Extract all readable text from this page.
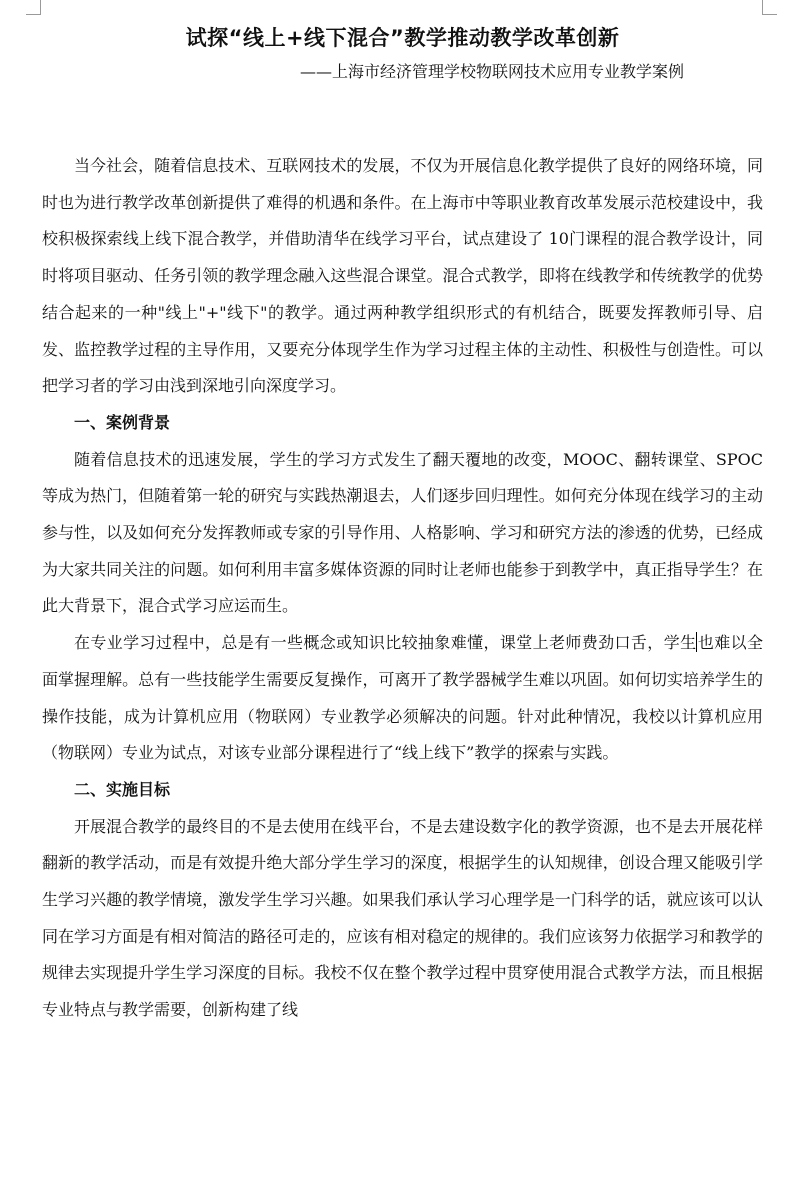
试探“线上+线下混合”教学推动教学改革创新
——上海市经济管理学校物联网技术应用专业教学案例

当今社会，随着信息技术、互联网技术的发展，不仅为开展信息化教学提供了良好的网络环境，同时也为进行教学改革创新提供了难得的机遇和条件。在上海市中等职业教育改革发展示范校建设中，我校积极探索线上线下混合教学，并借助清华在线学习平台，试点建设了 10门课程的混合教学设计，同时将项目驱动、任务引领的教学理念融入这些混合课堂。混合式教学，即将在线教学和传统教学的优势结合起来的一种"线上"+"线下"的教学。通过两种教学组织形式的有机结合，既要发挥教师引导、启发、监控教学过程的主导作用，又要充分体现学生作为学习过程主体的主动性、积极性与创造性。可以把学习者的学习由浅到深地引向深度学习。

一、案例背景

随着信息技术的迅速发展，学生的学习方式发生了翻天覆地的改变，MOOC、翻转课堂、SPOC 等成为热门，但随着第一轮的研究与实践热潮退去，人们逐步回归理性。如何充分体现在线学习的主动参与性，以及如何充分发挥教师或专家的引导作用、人格影响、学习和研究方法的渗透的优势，已经成为大家共同关注的问题。如何利用丰富多媒体资源的同时让老师也能参于到教学中，真正指导学生？在此大背景下，混合式学习应运而生。

在专业学习过程中，总是有一些概念或知识比较抽象难懂，课堂上老师费劲口舌，学生也难以全面掌握理解。总有一些技能学生需要反复操作，可离开了教学器械学生难以巩固。如何切实培养学生的操作技能，成为计算机应用（物联网）专业教学必须解决的问题。针对此种情况，我校以计算机应用（物联网）专业为试点，对该专业部分课程进行了“线上线下”教学的探索与实践。

二、实施目标

开展混合教学的最终目的不是去使用在线平台，不是去建设数字化的教学资源，也不是去开展花样翻新的教学活动，而是有效提升绝大部分学生学习的深度，根据学生的认知规律，创设合理又能吸引学生学习兴趣的教学情境，激发学生学习兴趣。如果我们承认学习心理学是一门科学的话，就应该可以认同在学习方面是有相对简洁的路径可走的，应该有相对稳定的规律的。我们应该努力依据学习和教学的规律去实现提升学生学习深度的目标。我校不仅在整个教学过程中贯穿使用混合式教学方法，而且根据专业特点与教学需要，创新构建了线
